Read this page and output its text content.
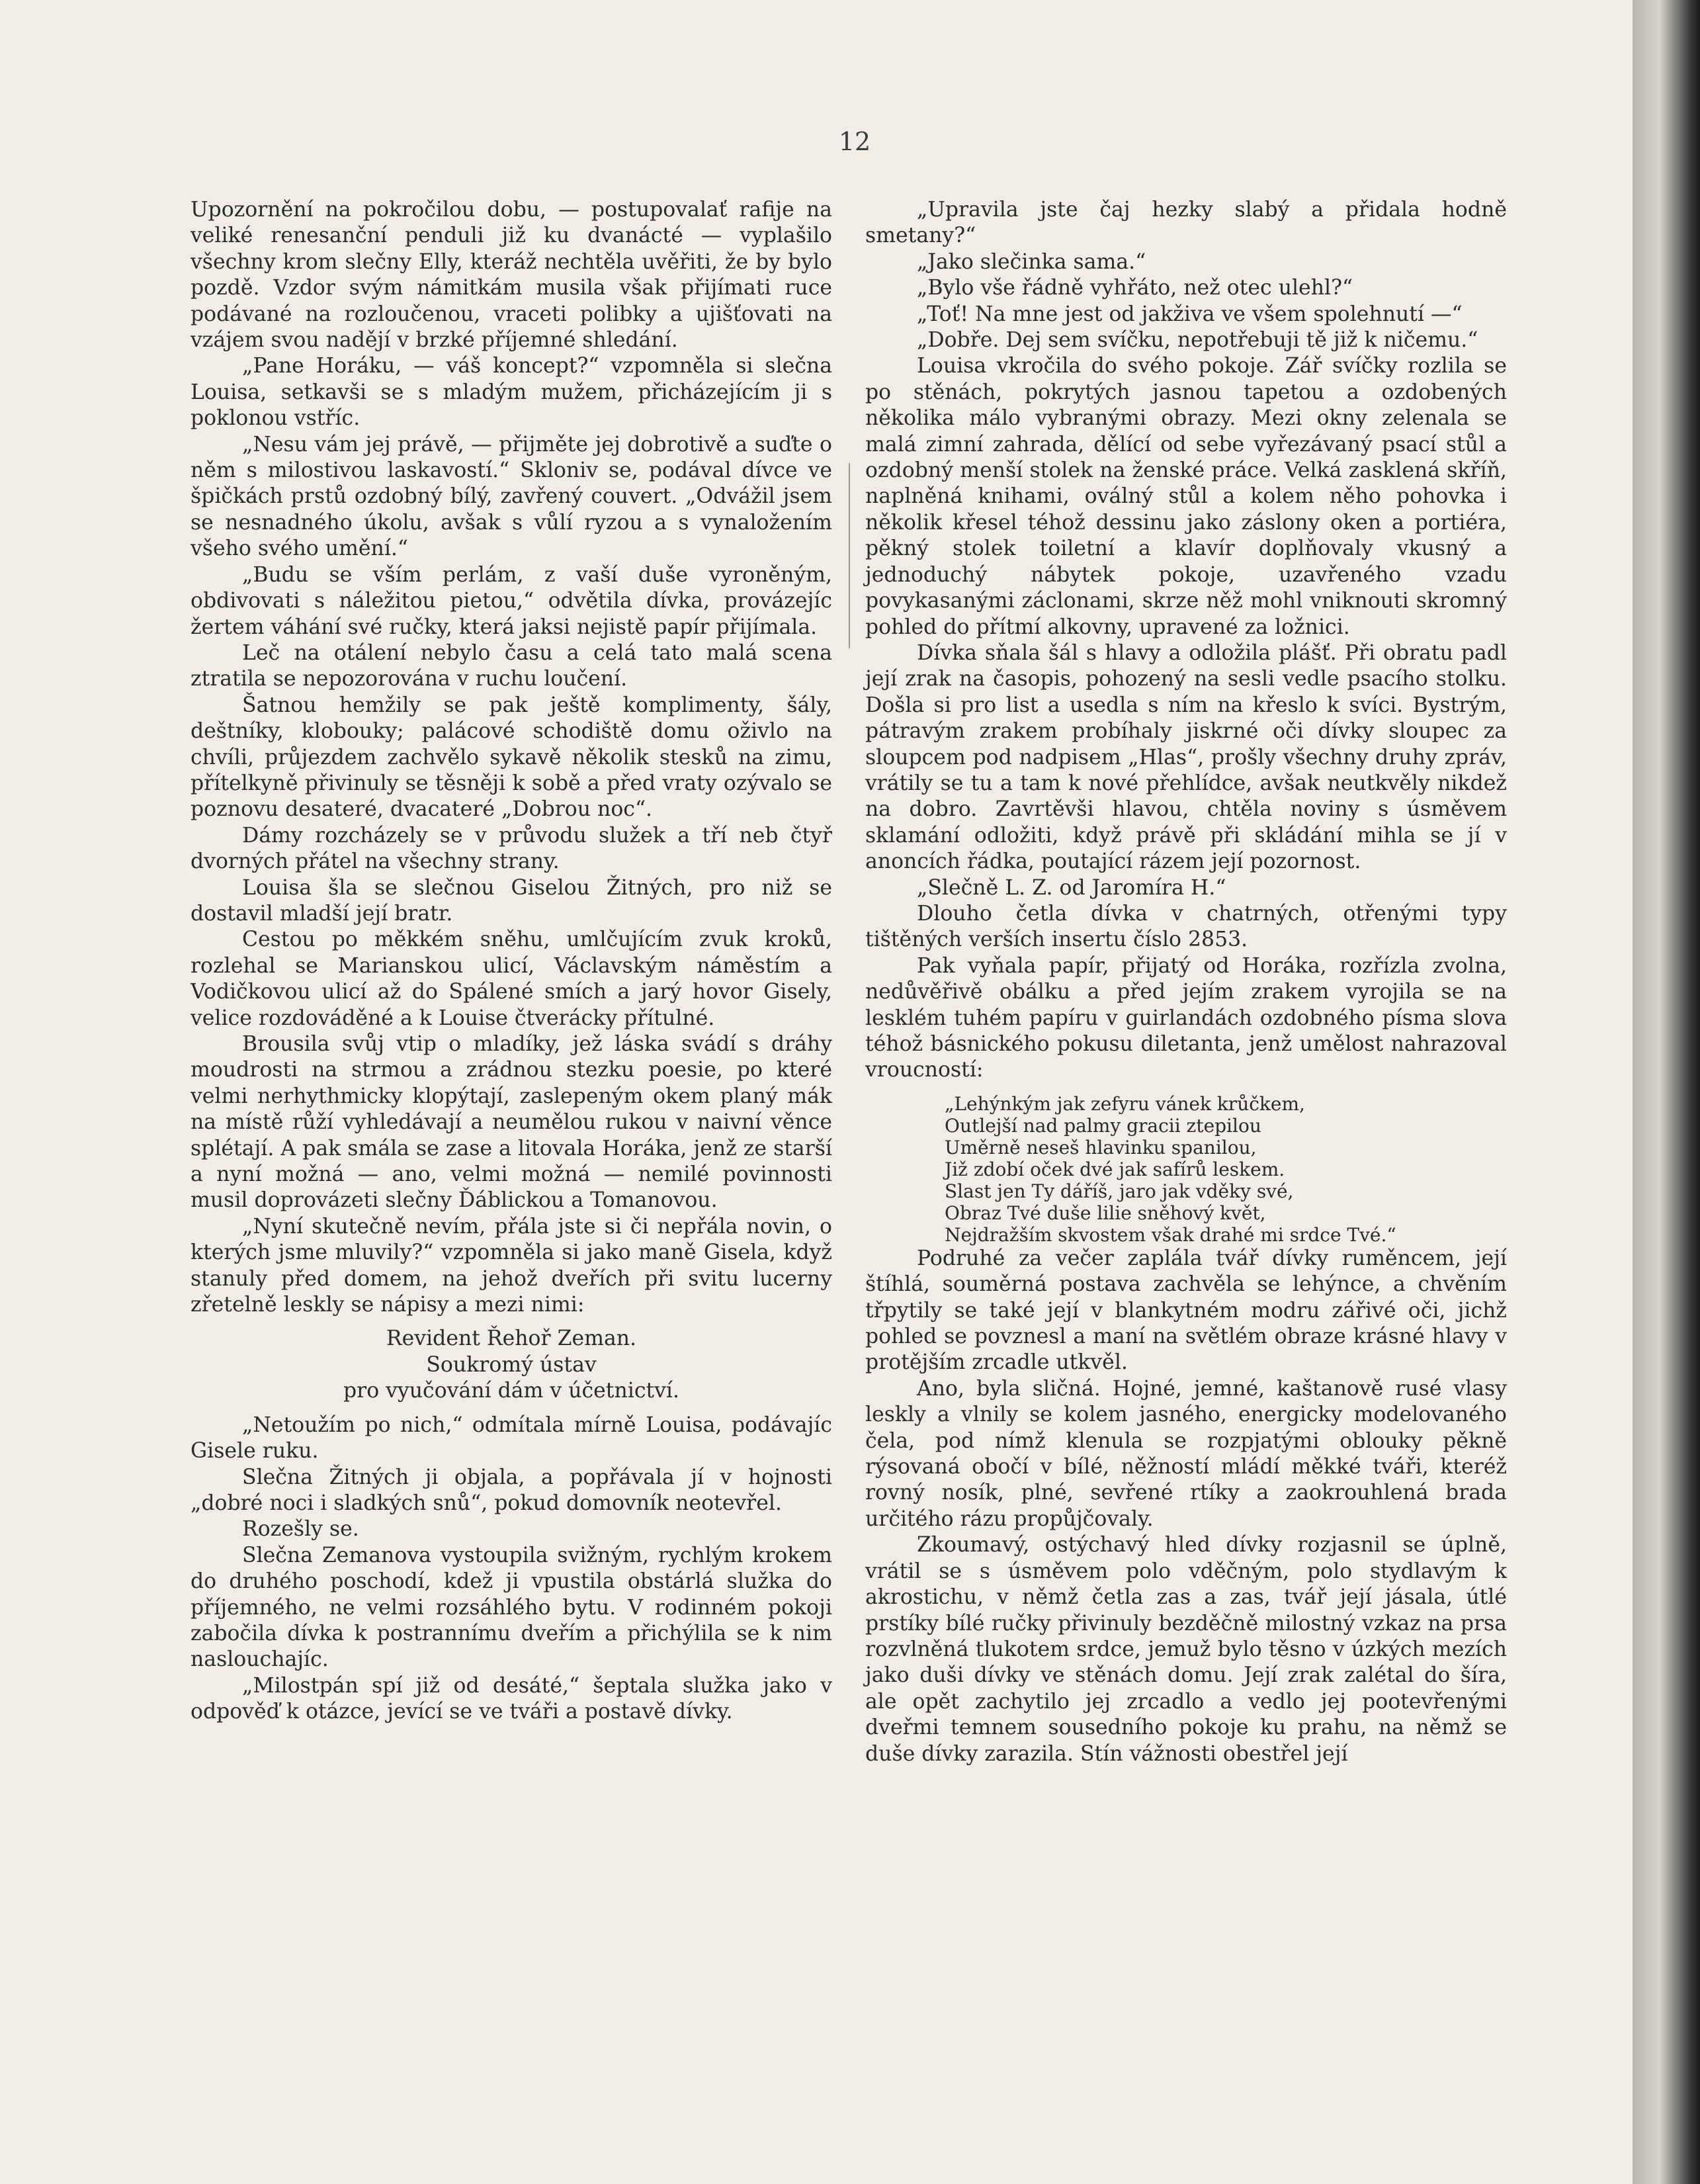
12

Upozornění na pokročilou dobu, — postupovalať rafije na veliké renesanční penduli již ku dvanácté — vyplašilo všechny krom slečny Elly, kteráž nechtěla uvěřiti, že by bylo pozdě. Vzdor svým námitkám musila však přijímati ruce podávané na rozloučenou, vraceti polibky a ujišťovati na vzájem svou nadějí v brzké příjemné shledání.

„Pane Horáku, — váš koncept?“ vzpomněla si slečna Louisa, setkavši se s mladým mužem, přicházejícím ji s poklonou vstříc.

„Nesu vám jej právě, — přijměte jej dobrotivě a suďte o něm s milostivou laskavostí.“ Skloniv se, podával dívce ve špičkách prstů ozdobný bílý, zavřený couvert. „Odvážil jsem se nesnadného úkolu, avšak s vůlí ryzou a s vynaložením všeho svého umění.“

„Budu se vším perlám, z vaší duše vyroněným, obdivovati s náležitou pietou,“ odvětila dívka, provázejíc žertem váhání své ručky, která jaksi nejistě papír přijímala.

Leč na otálení nebylo času a celá tato malá scena ztratila se nepozorována v ruchu loučení.

Šatnou hemžily se pak ještě komplimenty, šály, deštníky, klobouky; palácové schodiště domu oživlo na chvíli, průjezdem zachvělo sykavě několik stesků na zimu, přítelkyně přivinuly se těsněji k sobě a před vraty ozývalo se poznovu desateré, dvacateré „Dobrou noc“.

Dámy rozcházely se v průvodu služek a tří neb čtyř dvorných přátel na všechny strany.

Louisa šla se slečnou Giselou Žitných, pro niž se dostavil mladší její bratr.

Cestou po měkkém sněhu, umlčujícím zvuk kroků, rozlehal se Marianskou ulicí, Václavským náměstím a Vodičkovou ulicí až do Spálené smích a jarý hovor Gisely, velice rozdováděné a k Louise čtverácky přítulné.

Brousila svůj vtip o mladíky, jež láska svádí s dráhy moudrosti na strmou a zrádnou stezku poesie, po které velmi nerhythmicky klopýtají, zaslepeným okem planý mák na místě růží vyhledávají a neumělou rukou v naivní věnce splétají. A pak smála se zase a litovala Horáka, jenž ze starší a nyní možná — ano, velmi možná — nemilé povinnosti musil doprovázeti slečny Ďáblickou a Tomanovou.

„Nyní skutečně nevím, přála jste si či nepřála novin, o kterých jsme mluvily?“ vzpomněla si jako maně Gisela, když stanuly před domem, na jehož dveřích při svitu lucerny zřetelně leskly se nápisy a mezi nimi:

Revident Řehoř Zeman.
Soukromý ústav
pro vyučování dám v účetnictví.

„Netoužím po nich,“ odmítala mírně Louisa, podávajíc Gisele ruku.

Slečna Žitných ji objala, a popřávala jí v hojnosti „dobré noci i sladkých snů“, pokud domovník neotevřel.

Rozešly se.

Slečna Zemanova vystoupila svižným, rychlým krokem do druhého poschodí, kdež ji vpustila obstárlá služka do příjemného, ne velmi rozsáhlého bytu. V rodinném pokoji zabočila dívka k postrannímu dveřím a přichýlila se k nim naslouchajíc.

„Milostpán spí již od desáté,“ šeptala služka jako v odpověď k otázce, jevící se ve tváři a postavě dívky.

„Upravila jste čaj hezky slabý a přidala hodně smetany?“

„Jako slečinka sama.“

„Bylo vše řádně vyhřáto, než otec ulehl?“

„Toť! Na mne jest od jakživa ve všem spolehnutí —“

„Dobře. Dej sem svíčku, nepotřebuji tě již k ničemu.“

Louisa vkročila do svého pokoje. Zář svíčky rozlila se po stěnách, pokrytých jasnou tapetou a ozdobených několika málo vybranými obrazy. Mezi okny zelenala se malá zimní zahrada, dělící od sebe vyřezávaný psací stůl a ozdobný menší stolek na ženské práce. Velká zasklená skříň, naplněná knihami, oválný stůl a kolem něho pohovka i několik křesel téhož dessinu jako záslony oken a portiéra, pěkný stolek toiletní a klavír doplňovaly vkusný a jednoduchý nábytek pokoje, uzavřeného vzadu povykasanými záclonami, skrze něž mohl vniknouti skromný pohled do přítmí alkovny, upravené za ložnici.

Dívka sňala šál s hlavy a odložila plášť. Při obratu padl její zrak na časopis, pohozený na sesli vedle psacího stolku. Došla si pro list a usedla s ním na křeslo k svíci. Bystrým, pátravým zrakem probíhaly jiskrné oči dívky sloupec za sloupcem pod nadpisem „Hlas“, prošly všechny druhy zpráv, vrátily se tu a tam k nové přehlídce, avšak neutkvěly nikdež na dobro. Zavrtěvši hlavou, chtěla noviny s úsměvem sklamání odložiti, když právě při skládání mihla se jí v anoncích řádka, poutající rázem její pozornost.

„Slečně L. Z. od Jaromíra H.“

Dlouho četla dívka v chatrných, otřenými typy tištěných verších insertu číslo 2853.

Pak vyňala papír, přijatý od Horáka, rozřízla zvolna, nedůvěřivě obálku a před jejím zrakem vyrojila se na lesklém tuhém papíru v guirlandách ozdobného písma slova téhož básnického pokusu diletanta, jenž umělost nahrazoval vroucností:

„Lehýnkým jak zefyru vánek krůčkem,
Outlejší nad palmy gracii ztepilou
Uměrně neseš hlavinku spanilou,
Již zdobí oček dvé jak safírů leskem.
Slast jen Ty dáříš, jaro jak vděky své,
Obraz Tvé duše lilie sněhový květ,
Nejdražším skvostem však drahé mi srdce Tvé.“

Podruhé za večer zaplála tvář dívky ruměncem, její štíhlá, souměrná postava zachvěla se lehýnce, a chvěním třpytily se také její v blankytném modru zářivé oči, jichž pohled se povznesl a maní na světlém obraze krásné hlavy v protějším zrcadle utkvěl.

Ano, byla sličná. Hojné, jemné, kaštanově rusé vlasy leskly a vlnily se kolem jasného, energicky modelovaného čela, pod nímž klenula se rozpjatými oblouky pěkně rýsovaná obočí v bílé, něžností mládí měkké tváři, kteréž rovný nosík, plné, sevřené rtíky a zaokrouhlená brada určitého rázu propůjčovaly.

Zkoumavý, ostýchavý hled dívky rozjasnil se úplně, vrátil se s úsměvem polo vděčným, polo stydlavým k akrostichu, v němž četla zas a zas, tvář její jásala, útlé prstíky bílé ručky přivinuly bezděčně milostný vzkaz na prsa rozvlněná tlukotem srdce, jemuž bylo těsno v úzkých mezích jako duši dívky ve stěnách domu. Její zrak zalétal do šíra, ale opět zachytilo jej zrcadlo a vedlo jej pootevřenými dveřmi temnem sousedního pokoje ku prahu, na němž se duše dívky zarazila. Stín vážnosti obestřel její
